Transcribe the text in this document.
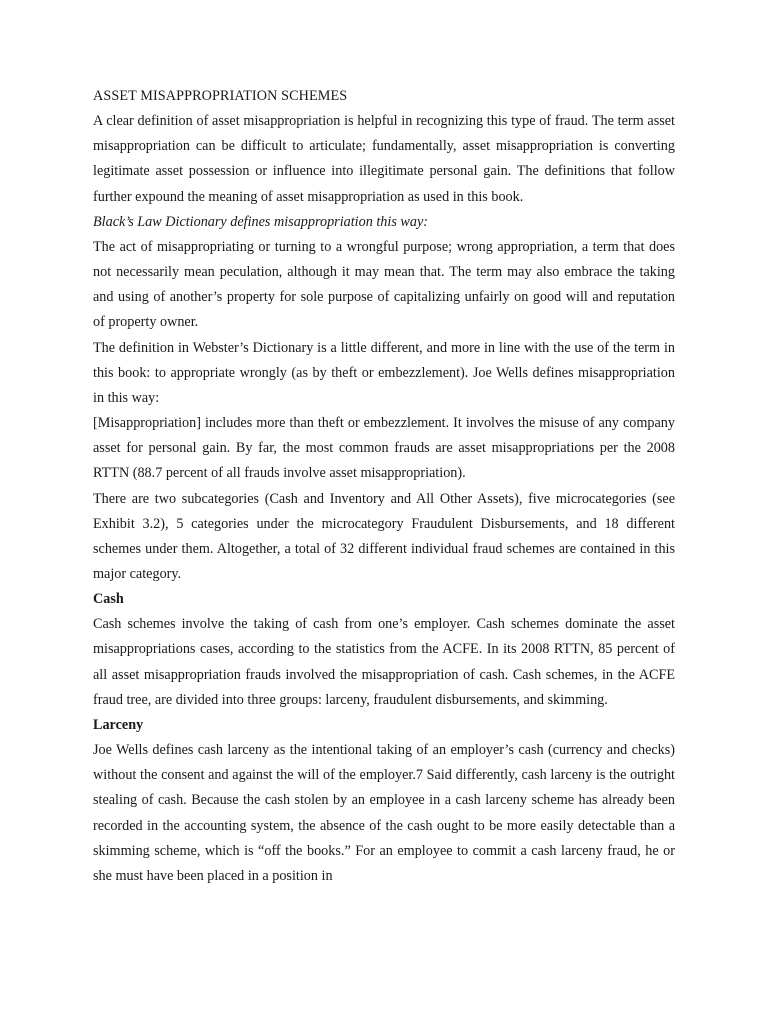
ASSET MISAPPROPRIATION SCHEMES

A clear definition of asset misappropriation is helpful in recognizing this type of fraud. The term asset misappropriation can be difficult to articulate; fundamentally, asset misappropriation is converting legitimate asset possession or influence into illegitimate personal gain. The definitions that follow further expound the meaning of asset misappropriation as used in this book.

Black’s Law Dictionary defines misappropriation this way:

The act of misappropriating or turning to a wrongful purpose; wrong appropriation, a term that does not necessarily mean peculation, although it may mean that. The term may also embrace the taking and using of another’s property for sole purpose of capitalizing unfairly on good will and reputation of property owner.

The definition in Webster’s Dictionary is a little different, and more in line with the use of the term in this book: to appropriate wrongly (as by theft or embezzlement). Joe Wells defines misappropriation in this way:

[Misappropriation] includes more than theft or embezzlement. It involves the misuse of any company asset for personal gain. By far, the most common frauds are asset misappropriations per the 2008 RTTN (88.7 percent of all frauds involve asset misappropriation).

There are two subcategories (Cash and Inventory and All Other Assets), five microcategories (see Exhibit 3.2), 5 categories under the microcategory Fraudulent Disbursements, and 18 different schemes under them. Altogether, a total of 32 different individual fraud schemes are contained in this major category.

Cash

Cash schemes involve the taking of cash from one’s employer. Cash schemes dominate the asset misappropriations cases, according to the statistics from the ACFE. In its 2008 RTTN, 85 percent of all asset misappropriation frauds involved the misappropriation of cash. Cash schemes, in the ACFE fraud tree, are divided into three groups: larceny, fraudulent disbursements, and skimming.

Larceny

Joe Wells defines cash larceny as the intentional taking of an employer’s cash (currency and checks) without the consent and against the will of the employer.7 Said differently, cash larceny is the outright stealing of cash. Because the cash stolen by an employee in a cash larceny scheme has already been recorded in the accounting system, the absence of the cash ought to be more easily detectable than a skimming scheme, which is “off the books.” For an employee to commit a cash larceny fraud, he or she must have been placed in a position in
